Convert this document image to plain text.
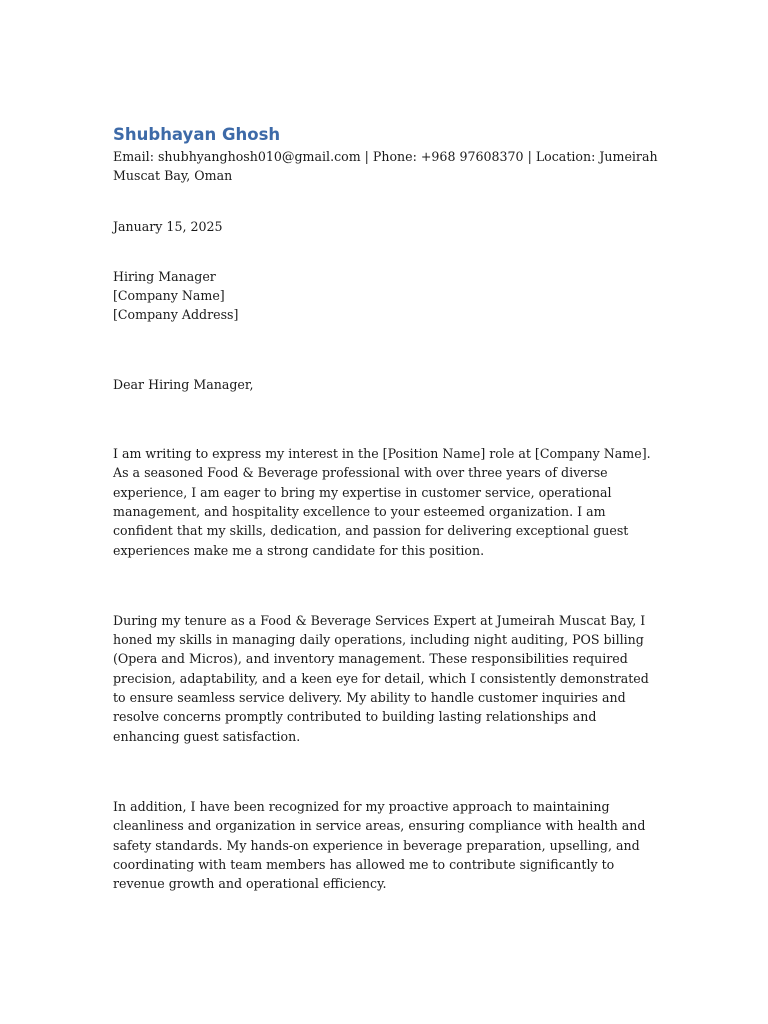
Shubhayan Ghosh
Email: shubhyanghosh010@gmail.com | Phone: +968 97608370 | Location: Jumeirah Muscat Bay, Oman
January 15, 2025
Hiring Manager
[Company Name]
[Company Address]
Dear Hiring Manager,
I am writing to express my interest in the [Position Name] role at [Company Name]. As a seasoned Food & Beverage professional with over three years of diverse experience, I am eager to bring my expertise in customer service, operational management, and hospitality excellence to your esteemed organization. I am confident that my skills, dedication, and passion for delivering exceptional guest experiences make me a strong candidate for this position.
During my tenure as a Food & Beverage Services Expert at Jumeirah Muscat Bay, I honed my skills in managing daily operations, including night auditing, POS billing (Opera and Micros), and inventory management. These responsibilities required precision, adaptability, and a keen eye for detail, which I consistently demonstrated to ensure seamless service delivery. My ability to handle customer inquiries and resolve concerns promptly contributed to building lasting relationships and enhancing guest satisfaction.
In addition, I have been recognized for my proactive approach to maintaining cleanliness and organization in service areas, ensuring compliance with health and safety standards. My hands-on experience in beverage preparation, upselling, and coordinating with team members has allowed me to contribute significantly to revenue growth and operational efficiency.
